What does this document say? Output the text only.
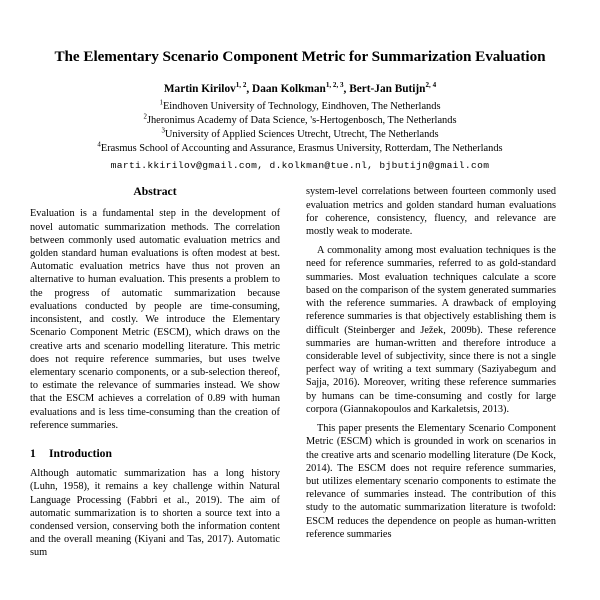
The Elementary Scenario Component Metric for Summarization Evaluation
Martin Kirilov$^{1, 2}$, Daan Kolkman$^{1, 2, 3}$, Bert-Jan Butijn$^{2, 4}$
$^1$Eindhoven University of Technology, Eindhoven, The Netherlands
$^2$Jheronimus Academy of Data Science, 's-Hertogenbosch, The Netherlands
$^3$University of Applied Sciences Utrecht, Utrecht, The Netherlands
$^4$Erasmus School of Accounting and Assurance, Erasmus University, Rotterdam, The Netherlands
marti.kkirilov@gmail.com, d.kolkman@tue.nl, bjbutijn@gmail.com
Abstract

Evaluation is a fundamental step in the development of novel automatic summarization methods. The correlation between commonly used automatic evaluation metrics and golden standard human evaluations is often modest at best. Automatic evaluation metrics have thus not proven an alternative to human evaluation. This presents a problem to the progress of automatic summarization because evaluations conducted by people are time-consuming, inconsistent, and costly. We introduce the Elementary Scenario Component Metric (ESCM), which draws on the creative arts and scenario modelling literature. This metric does not require reference summaries, but uses twelve elementary scenario components, or a sub-selection thereof, to estimate the relevance of summaries instead. We show that the ESCM achieves a correlation of 0.89 with human evaluations and is less time-consuming than the creation of reference summaries.

1 Introduction

Although automatic summarization has a long history (Luhn, 1958), it remains a key challenge within Natural Language Processing (Fabbri et al., 2019). The aim of automatic summarization is to shorten a source text into a condensed version, conserving both the information content and the overall meaning (Kiyani and Tas, 2017). Automatic sum

system-level correlations between fourteen commonly used evaluation metrics and golden standard human evaluations for coherence, consistency, fluency, and relevance are mostly weak to moderate.

A commonality among most evaluation techniques is the need for reference summaries, referred to as gold-standard summaries. Most evaluation techniques calculate a score based on the comparison of the system generated summaries with the reference summaries. A drawback of employing reference summaries is that objectively establishing them is difficult (Steinberger and Ježek, 2009b). These reference summaries are human-written and therefore introduce a considerable level of subjectivity, since there is not a single perfect way of writing a text summary (Saziyabegum and Sajja, 2016). Moreover, writing these reference summaries by humans can be time-consuming and costly for large corpora (Giannakopoulos and Karkaletsis, 2013).

This paper presents the Elementary Scenario Component Metric (ESCM) which is grounded in work on scenarios in the creative arts and scenario modelling literature (De Kock, 2014). The ESCM does not require reference summaries, but utilizes elementary scenario components to estimate the relevance of summaries instead. The contribution of this study to the automatic summarization literature is twofold: ESCM reduces the dependence on people as human-written reference summaries
